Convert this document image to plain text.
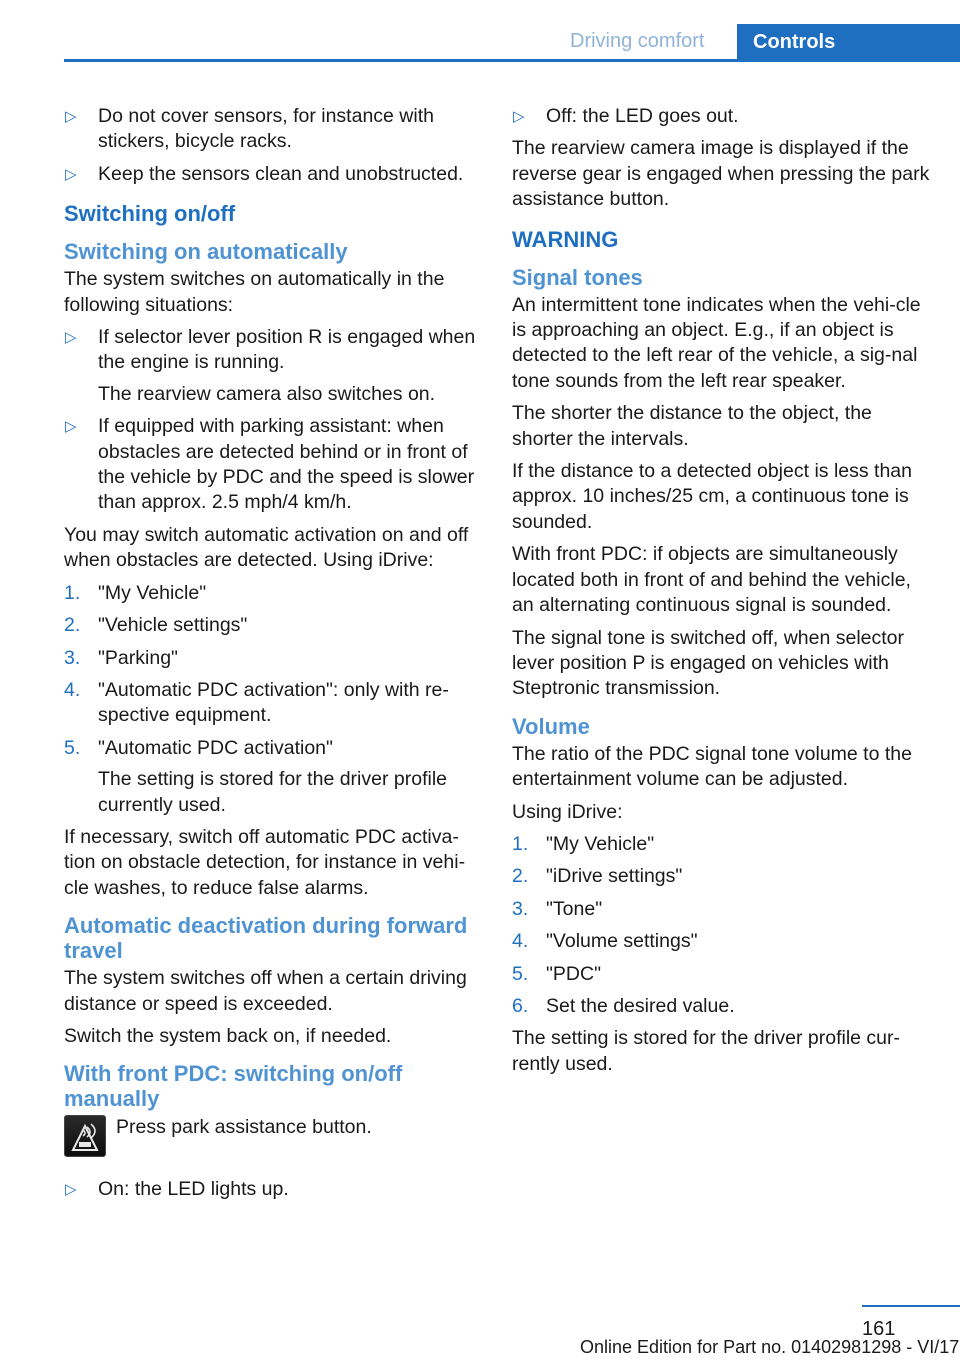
Driving comfort	Controls
▷ Do not cover sensors, for instance with stickers, bicycle racks.
▷ Keep the sensors clean and unobstructed.
Switching on/off
Switching on automatically

The system switches on automatically in the following situations:

▷ If selector lever position R is engaged when the engine is running.
The rearview camera also switches on.
▷ If equipped with parking assistant: when obstacles are detected behind or in front of the vehicle by PDC and the speed is slower than approx. 2.5 mph/4 km/h.

You may switch automatic activation on and off when obstacles are detected. Using iDrive:

1. "My Vehicle"
2. "Vehicle settings"
3. "Parking"
4. "Automatic PDC activation": only with re‐spective equipment.
5. "Automatic PDC activation"
The setting is stored for the driver profile currently used.

If necessary, switch off automatic PDC activa‐tion on obstacle detection, for instance in vehi‐cle washes, to reduce false alarms.

Automatic deactivation during forward travel

The system switches off when a certain driving distance or speed is exceeded.

Switch the system back on, if needed.

With front PDC: switching on/off manually
Press park assistance button.
▷ On: the LED lights up.
▷ Off: the LED goes out.

The rearview camera image is displayed if the reverse gear is engaged when pressing the park assistance button.

WARNING
Signal tones

An intermittent tone indicates when the vehi‐cle is approaching an object. E.g., if an object is detected to the left rear of the vehicle, a sig‐nal tone sounds from the left rear speaker.

The shorter the distance to the object, the shorter the intervals.

If the distance to a detected object is less than approx. 10 inches/25 cm, a continuous tone is sounded.

With front PDC: if objects are simultaneously located both in front of and behind the vehicle, an alternating continuous signal is sounded.

The signal tone is switched off, when selector lever position P is engaged on vehicles with Steptronic transmission.

Volume

The ratio of the PDC signal tone volume to the entertainment volume can be adjusted.

Using iDrive:

1. "My Vehicle"
2. "iDrive settings"
3. "Tone"
4. "Volume settings"
5. "PDC"
6. Set the desired value.

The setting is stored for the driver profile cur‐rently used.

161
Online Edition for Part no. 01402981298 - VI/17
